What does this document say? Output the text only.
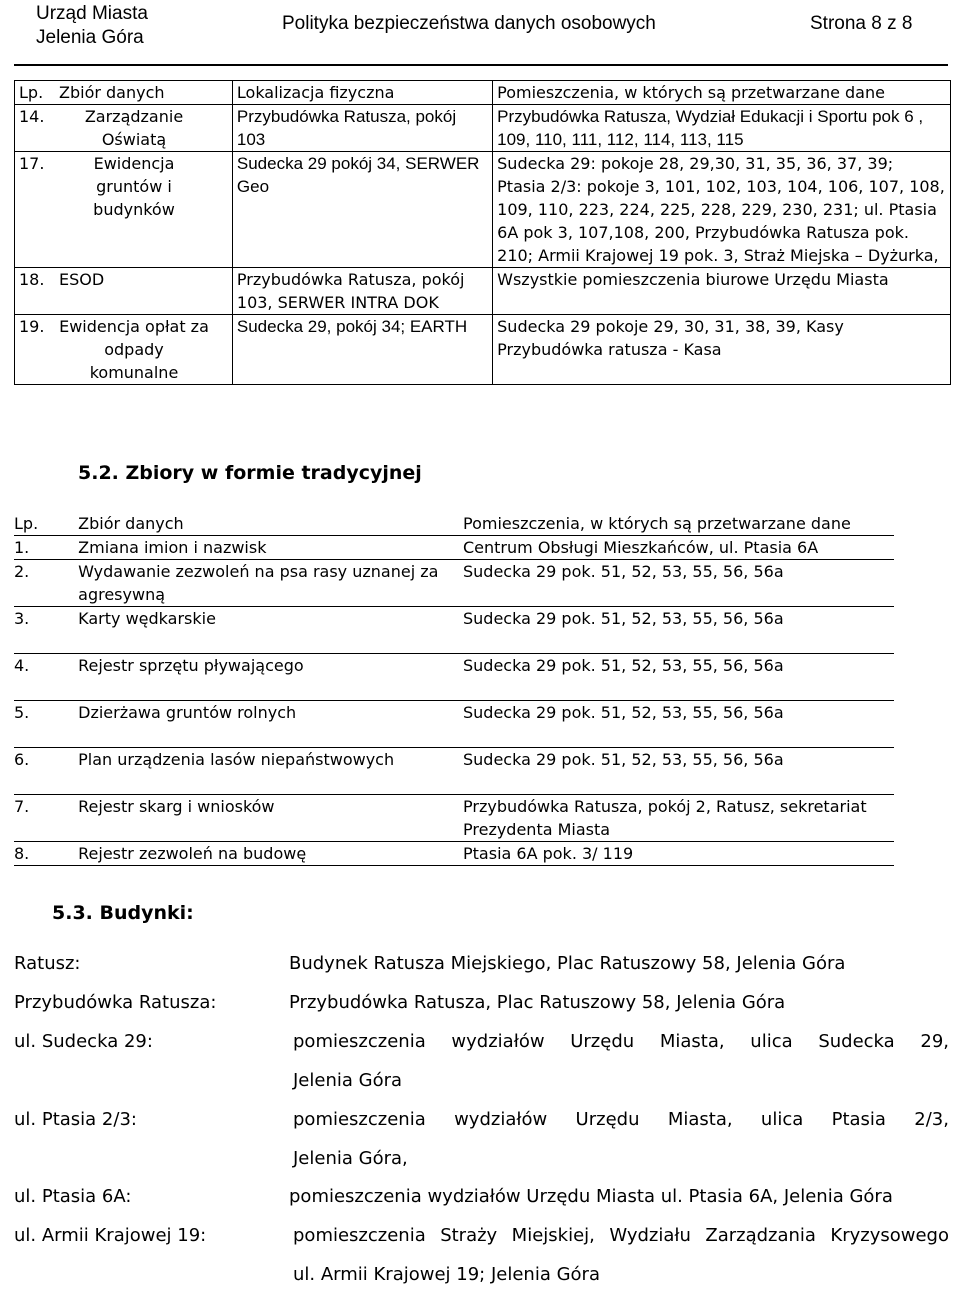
Urząd Miasta
Jelenia Góra
Polityka bezpieczeństwa danych osobowych	Strona 8 z 8
Lp. Zbiór danych	Lokalizacja fizyczna	Pomieszczenia, w których są przetwarzane dane
14. Zarządzanie Oświatą	Przybudówka Ratusza, pokój 103	Przybudówka Ratusza, Wydział Edukacji i Sportu pok 6 , 109, 110, 111, 112, 114, 113, 115
17. Ewidencja gruntów i budynków	Sudecka 29 pokój 34, SERWER Geo	Sudecka 29: pokoje 28, 29,30, 31, 35, 36, 37, 39; Ptasia 2/3: pokoje 3, 101, 102, 103, 104, 106, 107, 108, 109, 110, 223, 224, 225, 228, 229, 230, 231; ul. Ptasia 6A pok 3, 107,108, 200, Przybudówka Ratusza pok. 210; Armii Krajowej 19 pok. 3, Straż Miejska – Dyżurka,
18. ESOD	Przybudówka Ratusza, pokój 103, SERWER INTRA DOK	Wszystkie pomieszczenia biurowe Urzędu Miasta
19. Ewidencja opłat za odpady komunalne	Sudecka 29, pokój 34; EARTH	Sudecka 29 pokoje 29, 30, 31, 38, 39, Kasy Przybudówka ratusza - Kasa
5.2. Zbiory w formie tradycyjnej
Lp.	Zbiór danych	Pomieszczenia, w których są przetwarzane dane
1.	Zmiana imion i nazwisk	Centrum Obsługi Mieszkańców, ul. Ptasia 6A
2.	Wydawanie zezwoleń na psa rasy uznanej za agresywną	Sudecka 29 pok. 51, 52, 53, 55, 56, 56a
3.	Karty wędkarskie	Sudecka 29 pok. 51, 52, 53, 55, 56, 56a
4.	Rejestr sprzętu pływającego	Sudecka 29 pok. 51, 52, 53, 55, 56, 56a
5.	Dzierżawa gruntów rolnych	Sudecka 29 pok. 51, 52, 53, 55, 56, 56a
6.	Plan urządzenia lasów niepaństwowych	Sudecka 29 pok. 51, 52, 53, 55, 56, 56a
7.	Rejestr skarg i wniosków	Przybudówka Ratusza, pokój 2, Ratusz, sekretariat Prezydenta Miasta
8.	Rejestr zezwoleń na budowę	Ptasia 6A pok. 3/ 119
5.3. Budynki:
Ratusz:	Budynek Ratusza Miejskiego, Plac Ratuszowy 58, Jelenia Góra
Przybudówka Ratusza:	Przybudówka Ratusza, Plac Ratuszowy 58, Jelenia Góra
ul. Sudecka 29:	pomieszczenia wydziałów Urzędu Miasta, ulica Sudecka 29,
Jelenia Góra
ul. Ptasia 2/3:	pomieszczenia wydziałów Urzędu Miasta, ulica Ptasia 2/3,
Jelenia Góra,
ul. Ptasia 6A:	pomieszczenia wydziałów Urzędu Miasta ul. Ptasia 6A, Jelenia Góra
ul. Armii Krajowej 19:	pomieszczenia Straży Miejskiej, Wydziału Zarządzania Kryzysowego
ul. Armii Krajowej 19; Jelenia Góra
